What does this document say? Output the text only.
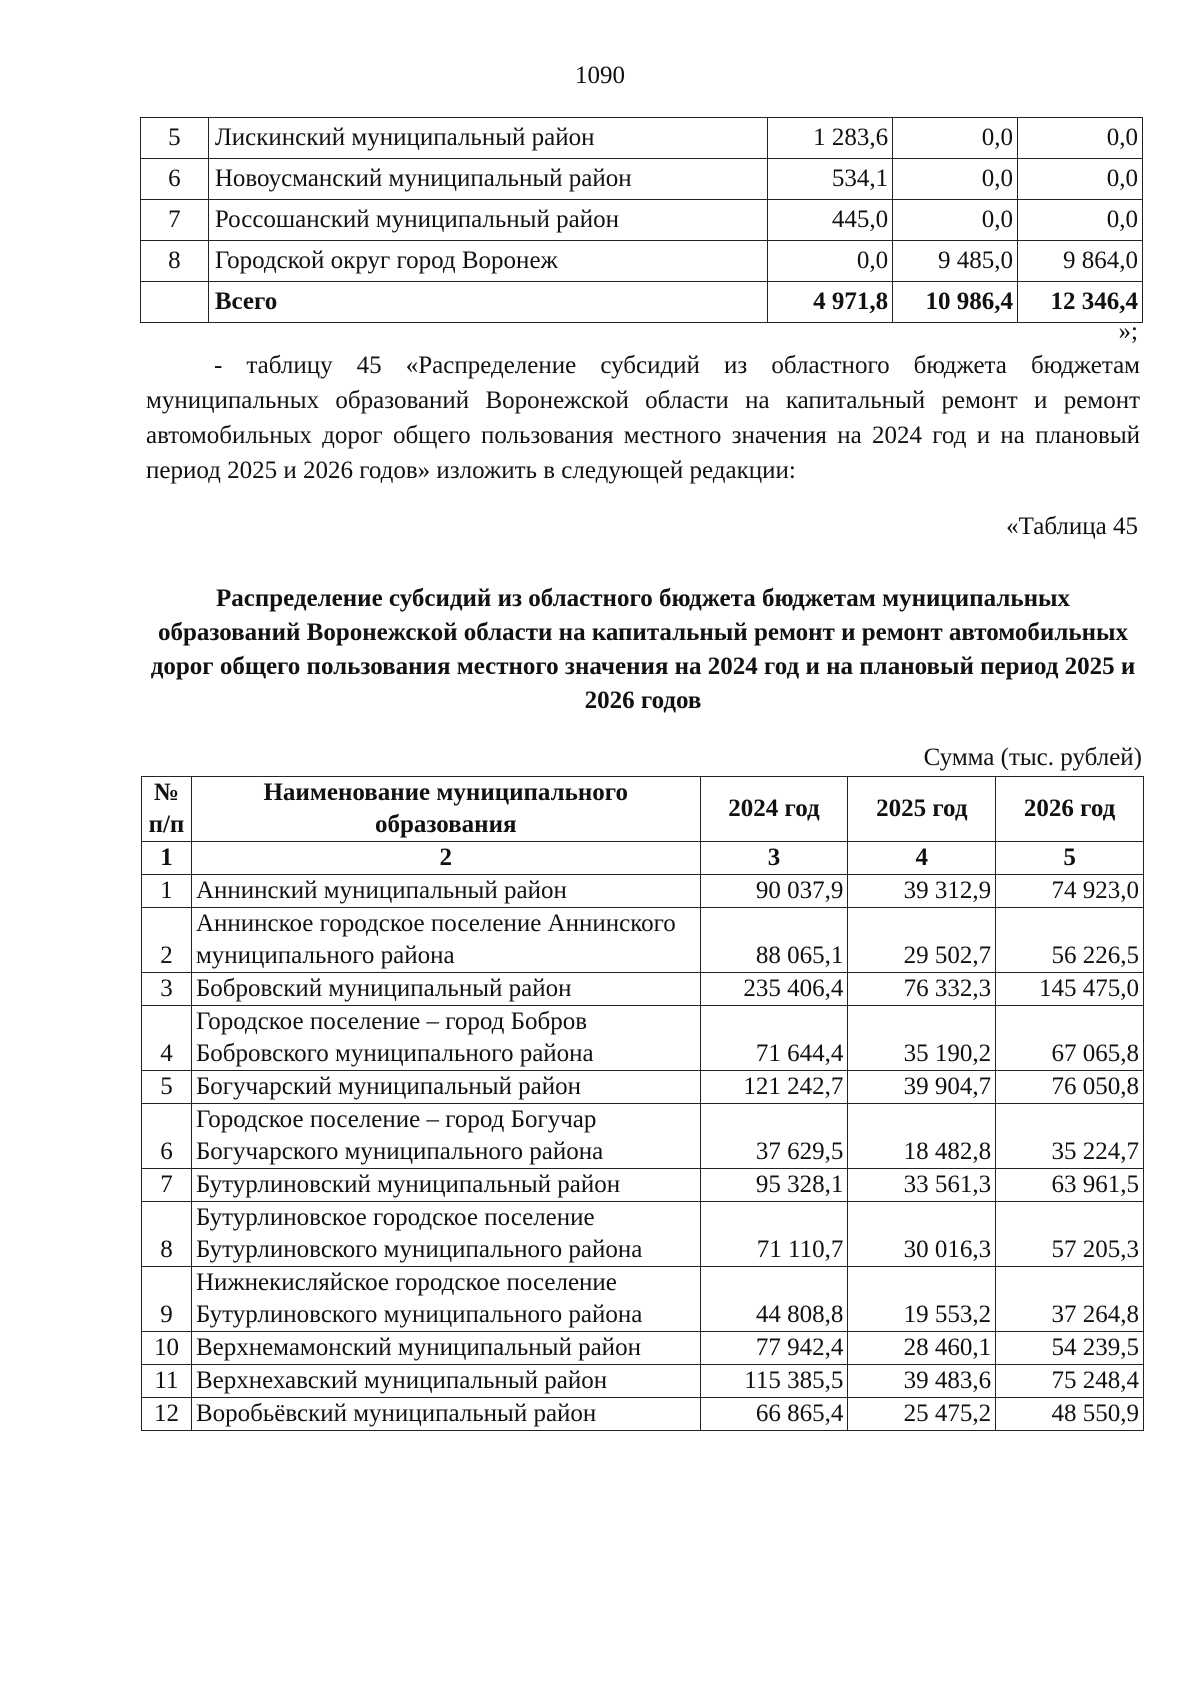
1090
5	Лискинский муниципальный район	1 283,6	0,0	0,0
6	Новоусманский муниципальный район	534,1	0,0	0,0
7	Россошанский муниципальный район	445,0	0,0	0,0
8	Городской округ город Воронеж	0,0	9 485,0	9 864,0
	Всего	4 971,8	10 986,4	12 346,4
»;

- таблицу 45 «Распределение субсидий из областного бюджета бюджетам муниципальных образований Воронежской области на капитальный ремонт и ремонт автомобильных дорог общего пользования местного значения на 2024 год и на плановый период 2025 и 2026 годов» изложить в следующей редакции:

«Таблица 45

Распределение субсидий из областного бюджета бюджетам муниципальных образований Воронежской области на капитальный ремонт и ремонт автомобильных дорог общего пользования местного значения на 2024 год и на плановый период 2025 и 2026 годов

Сумма (тыс. рублей)
№ п/п	Наименование муниципального образования	2024 год	2025 год	2026 год
1	2	3	4	5
1	Аннинский муниципальный район	90 037,9	39 312,9	74 923,0
2	Аннинское городское поселение Аннинского муниципального района	88 065,1	29 502,7	56 226,5
3	Бобровский муниципальный район	235 406,4	76 332,3	145 475,0
4	Городское поселение – город Бобров Бобровского муниципального района	71 644,4	35 190,2	67 065,8
5	Богучарский муниципальный район	121 242,7	39 904,7	76 050,8
6	Городское поселение – город Богучар Богучарского муниципального района	37 629,5	18 482,8	35 224,7
7	Бутурлиновский муниципальный район	95 328,1	33 561,3	63 961,5
8	Бутурлиновское городское поселение Бутурлиновского муниципального района	71 110,7	30 016,3	57 205,3
9	Нижнекисляйское городское поселение Бутурлиновского муниципального района	44 808,8	19 553,2	37 264,8
10	Верхнемамонский муниципальный район	77 942,4	28 460,1	54 239,5
11	Верхнехавский муниципальный район	115 385,5	39 483,6	75 248,4
12	Воробьёвский муниципальный район	66 865,4	25 475,2	48 550,9
